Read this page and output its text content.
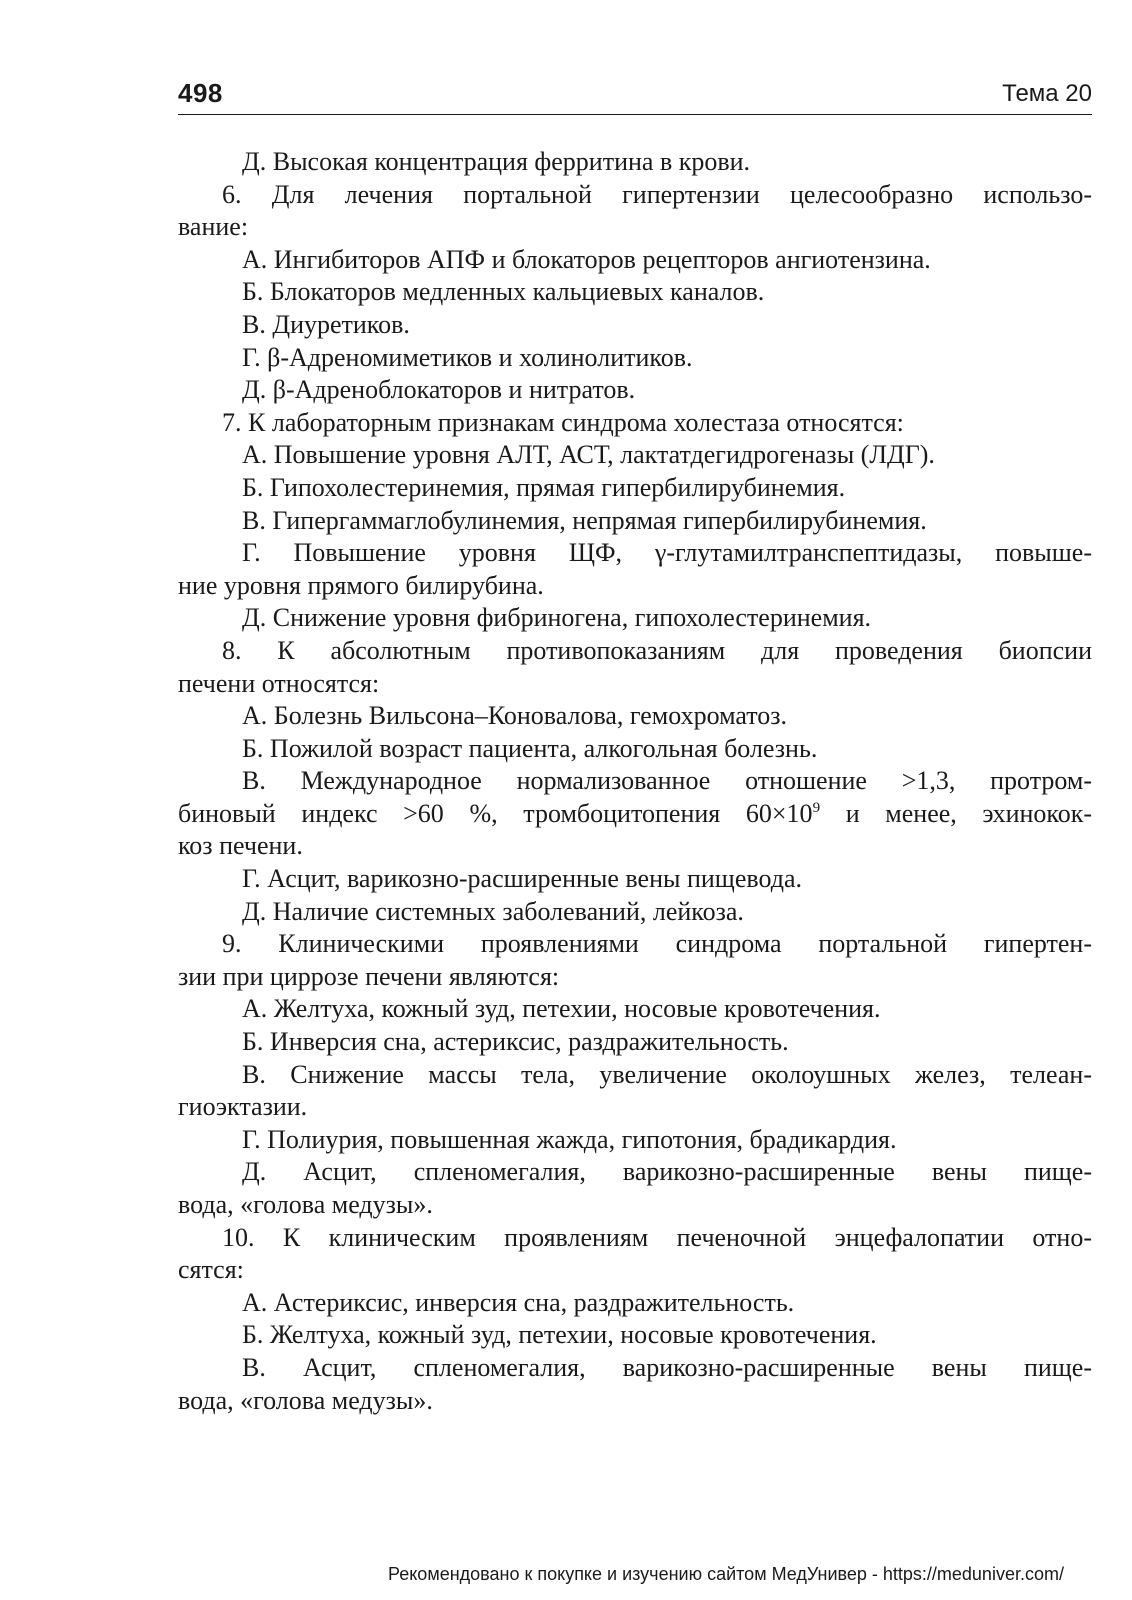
498	Тема 20
Д. Высокая концентрация ферритина в крови.
6. Для лечения портальной гипертензии целесообразно использо-
вание:
А. Ингибиторов АПФ и блокаторов рецепторов ангиотензина.
Б. Блокаторов медленных кальциевых каналов.
В. Диуретиков.
Г. β-Адреномиметиков и холинолитиков.
Д. β-Адреноблокаторов и нитратов.
7. К лабораторным признакам синдрома холестаза относятся:
А. Повышение уровня АЛТ, АСТ, лактатдегидрогеназы (ЛДГ).
Б. Гипохолестеринемия, прямая гипербилирубинемия.
В. Гипергаммаглобулинемия, непрямая гипербилирубинемия.
Г. Повышение уровня ЩФ, γ-глутамилтранспептидазы, повыше-
ние уровня прямого билирубина.
Д. Снижение уровня фибриногена, гипохолестеринемия.
8. К абсолютным противопоказаниям для проведения биопсии
печени относятся:
А. Болезнь Вильсона–Коновалова, гемохроматоз.
Б. Пожилой возраст пациента, алкогольная болезнь.
В. Международное нормализованное отношение >1,3, протром-
биновый индекс >60 %, тромбоцитопения $60\times 10^9$ и менее, эхинокок-
коз печени.
Г. Асцит, варикозно-расширенные вены пищевода.
Д. Наличие системных заболеваний, лейкоза.
9. Клиническими проявлениями синдрома портальной гипертен-
зии при циррозе печени являются:
А. Желтуха, кожный зуд, петехии, носовые кровотечения.
Б. Инверсия сна, астериксис, раздражительность.
В. Снижение массы тела, увеличение околоушных желез, телеан-
гиоэктазии.
Г. Полиурия, повышенная жажда, гипотония, брадикардия.
Д. Асцит, спленомегалия, варикозно-расширенные вены пище-
вода, «голова медузы».
10. К клиническим проявлениям печеночной энцефалопатии отно-
сятся:
А. Астериксис, инверсия сна, раздражительность.
Б. Желтуха, кожный зуд, петехии, носовые кровотечения.
В. Асцит, спленомегалия, варикозно-расширенные вены пище-
вода, «голова медузы».
Рекомендовано к покупке и изучению сайтом МедУнивер - https://meduniver.com/
